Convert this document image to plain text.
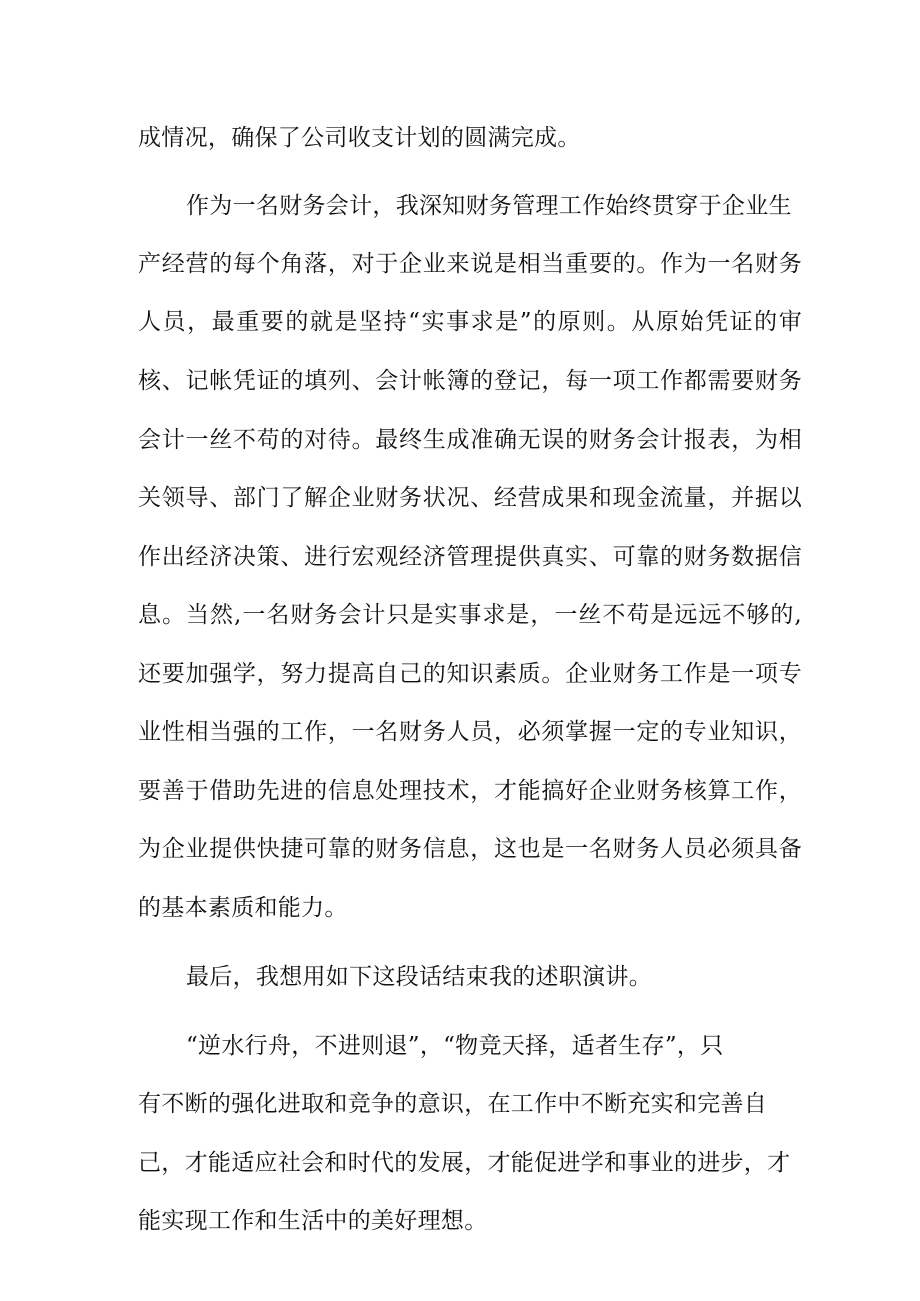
成情况，确保了公司收支计划的圆满完成。
作为一名财务会计，我深知财务管理工作始终贯穿于企业生
产经营的每个角落，对于企业来说是相当重要的。作为一名财务
人员，最重要的就是坚持“实事求是”的原则。从原始凭证的审
核、记帐凭证的填列、会计帐簿的登记，每一项工作都需要财务
会计一丝不苟的对待。最终生成准确无误的财务会计报表，为相
关领导、部门了解企业财务状况、经营成果和现金流量，并据以
作出经济决策、进行宏观经济管理提供真实、可靠的财务数据信
息。当然,一名财务会计只是实事求是，一丝不苟是远远不够的,
还要加强学，努力提高自己的知识素质。企业财务工作是一项专
业性相当强的工作，一名财务人员，必须掌握一定的专业知识，
要善于借助先进的信息处理技术，才能搞好企业财务核算工作，
为企业提供快捷可靠的财务信息，这也是一名财务人员必须具备
的基本素质和能力。
最后，我想用如下这段话结束我的述职演讲。
“逆水行舟，不进则退”，“物竞天择，适者生存”，只
有不断的强化进取和竞争的意识，在工作中不断充实和完善自
己，才能适应社会和时代的发展，才能促进学和事业的进步，才
能实现工作和生活中的美好理想。
